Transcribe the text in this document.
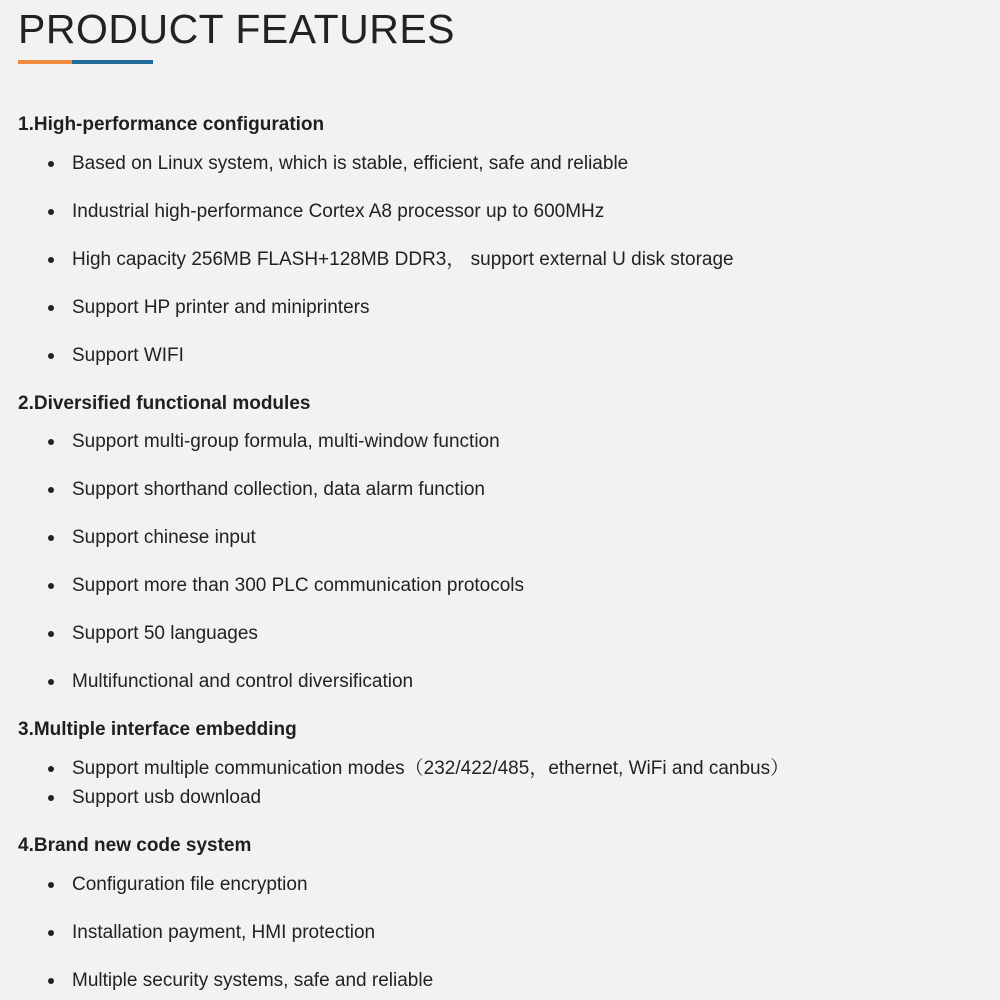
PRODUCT FEATURES
1.High-performance configuration
Based on Linux system, which is stable, efficient, safe and reliable
Industrial high-performance Cortex A8 processor up to 600MHz
High capacity 256MB FLASH+128MB DDR3， support external U disk storage
Support HP printer and miniprinters
Support WIFI
2.Diversified functional modules
Support multi-group formula, multi-window function
Support shorthand collection, data alarm function
Support chinese input
Support more than 300 PLC communication protocols
Support 50 languages
Multifunctional and control diversification
3.Multiple interface embedding
Support multiple communication modes（232/422/485，ethernet, WiFi and canbus）
Support usb download
4.Brand new code system
Configuration file encryption
Installation payment, HMI protection
Multiple security systems, safe and reliable
